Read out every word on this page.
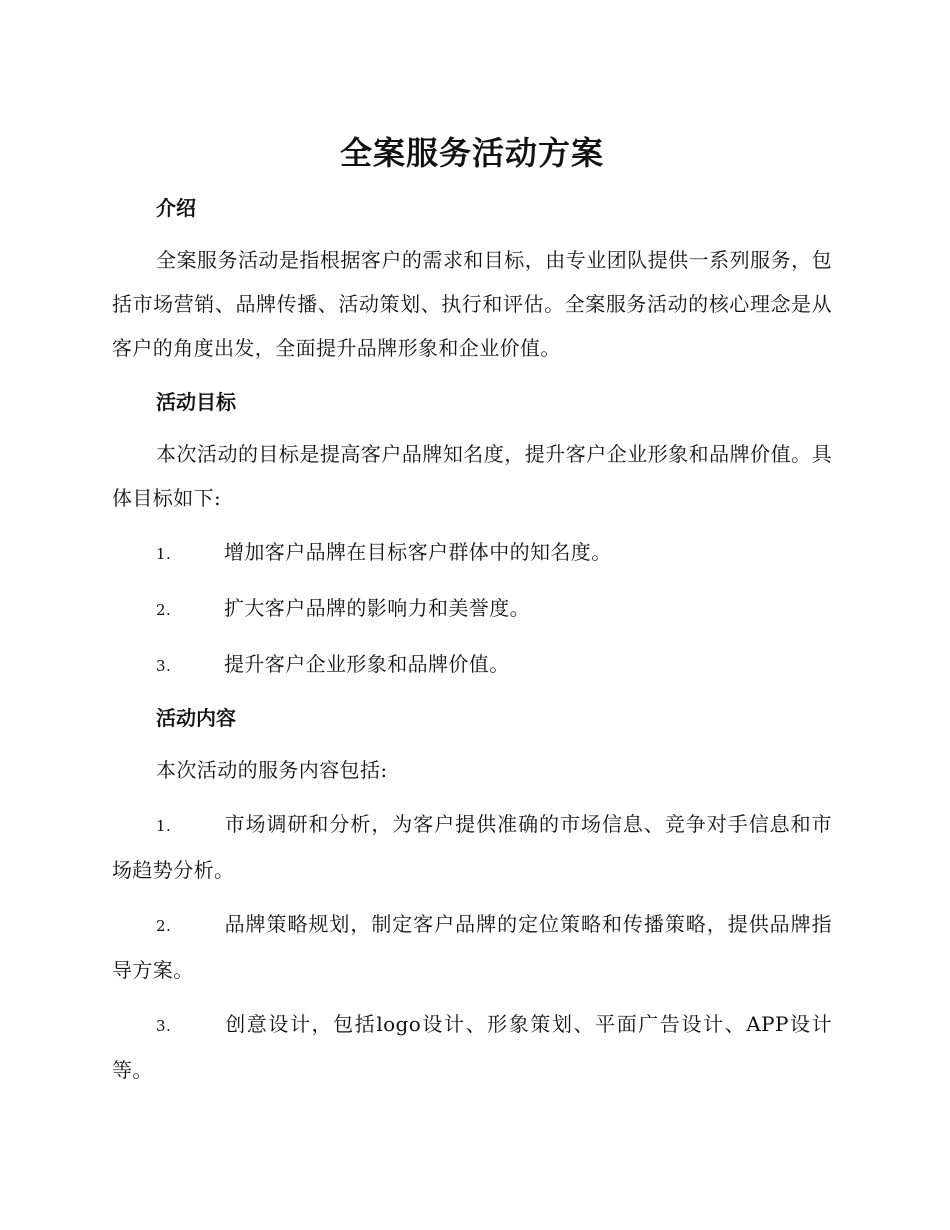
全案服务活动方案
介绍

全案服务活动是指根据客户的需求和目标，由专业团队提供一系列服务，包括市场营销、品牌传播、活动策划、执行和评估。全案服务活动的核心理念是从客户的角度出发，全面提升品牌形象和企业价值。

活动目标

本次活动的目标是提高客户品牌知名度，提升客户企业形象和品牌价值。具体目标如下:

1.	增加客户品牌在目标客户群体中的知名度。

2.	扩大客户品牌的影响力和美誉度。

3.	提升客户企业形象和品牌价值。

活动内容

本次活动的服务内容包括:

1.	市场调研和分析，为客户提供准确的市场信息、竞争对手信息和市场趋势分析。

2.	品牌策略规划，制定客户品牌的定位策略和传播策略，提供品牌指导方案。

3.	创意设计，包括logo设计、形象策划、平面广告设计、APP设计等。
